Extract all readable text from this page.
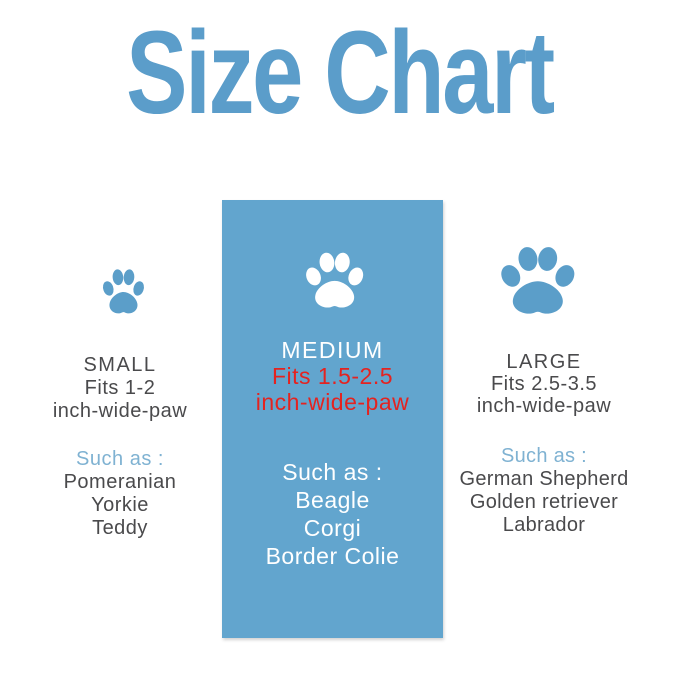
Size Chart
SMALL
Fits 1-2
inch-wide-paw
Such as :
Pomeranian
Yorkie
Teddy
MEDIUM
Fits 1.5-2.5
inch-wide-paw
Such as :
Beagle
Corgi
Border Colie
LARGE
Fits 2.5-3.5
inch-wide-paw
Such as :
German Shepherd
Golden retriever
Labrador
